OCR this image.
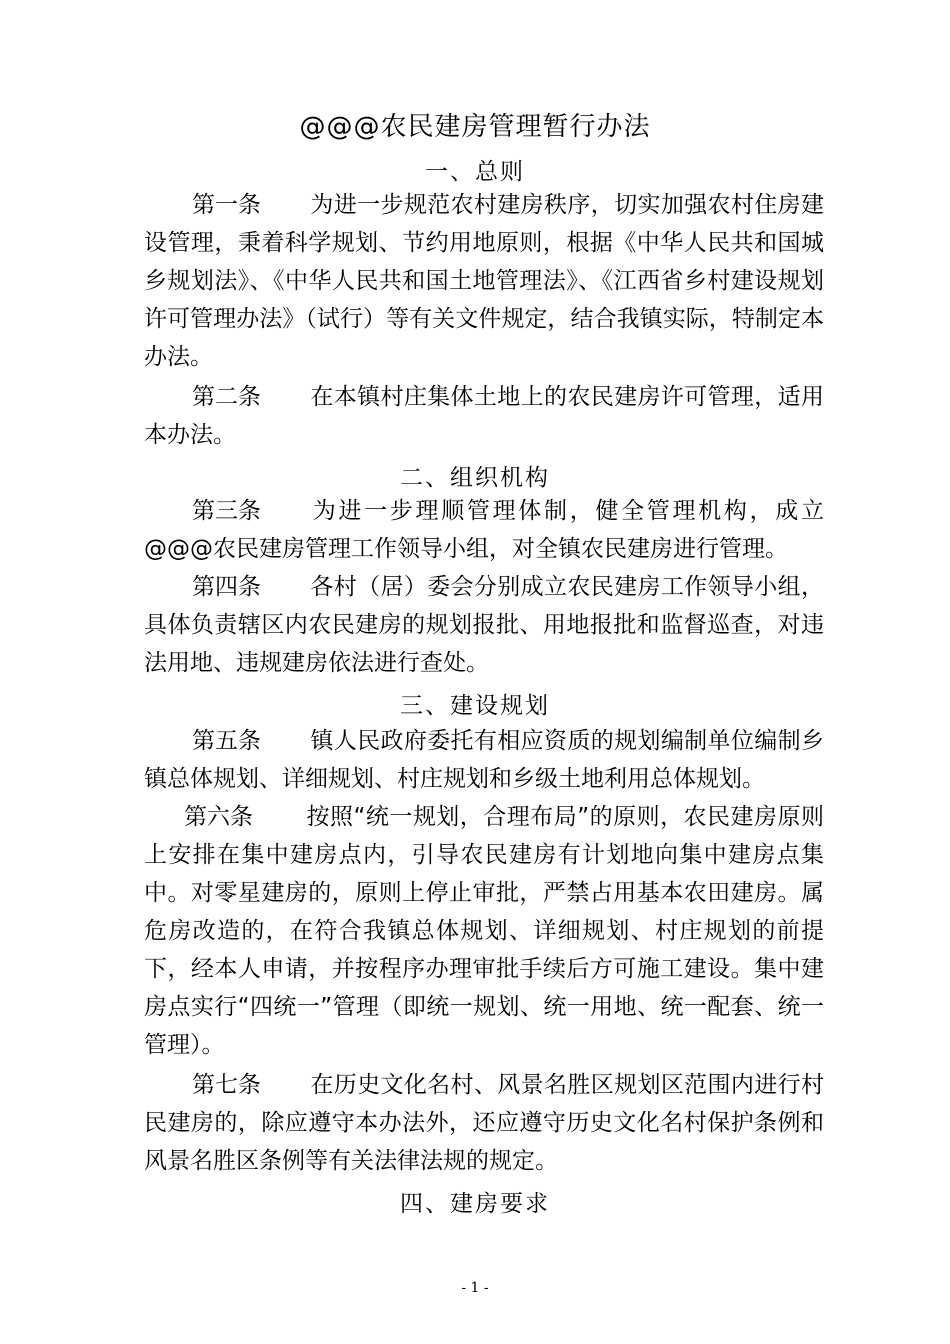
@@@农民建房管理暂行办法
一、总则
第一条 为进一步规范农村建房秩序，切实加强农村住房建设管理，秉着科学规划、节约用地原则，根据《中华人民共和国城乡规划法》、《中华人民共和国土地管理法》、《江西省乡村建设规划许可管理办法》（试行）等有关文件规定，结合我镇实际，特制定本办法。
第二条 在本镇村庄集体土地上的农民建房许可管理，适用本办法。
二、组织机构
第三条 为进一步理顺管理体制，健全管理机构，成立@@@农民建房管理工作领导小组，对全镇农民建房进行管理。
第四条 各村（居）委会分别成立农民建房工作领导小组，具体负责辖区内农民建房的规划报批、用地报批和监督巡查，对违法用地、违规建房依法进行查处。
三、建设规划
第五条 镇人民政府委托有相应资质的规划编制单位编制乡镇总体规划、详细规划、村庄规划和乡级土地利用总体规划。
第六条 按照“统一规划，合理布局”的原则，农民建房原则上安排在集中建房点内，引导农民建房有计划地向集中建房点集中。对零星建房的，原则上停止审批，严禁占用基本农田建房。属危房改造的，在符合我镇总体规划、详细规划、村庄规划的前提下，经本人申请，并按程序办理审批手续后方可施工建设。集中建房点实行“四统一”管理（即统一规划、统一用地、统一配套、统一管理）。
第七条 在历史文化名村、风景名胜区规划区范围内进行村民建房的，除应遵守本办法外，还应遵守历史文化名村保护条例和风景名胜区条例等有关法律法规的规定。
四、建房要求
- 1 -
